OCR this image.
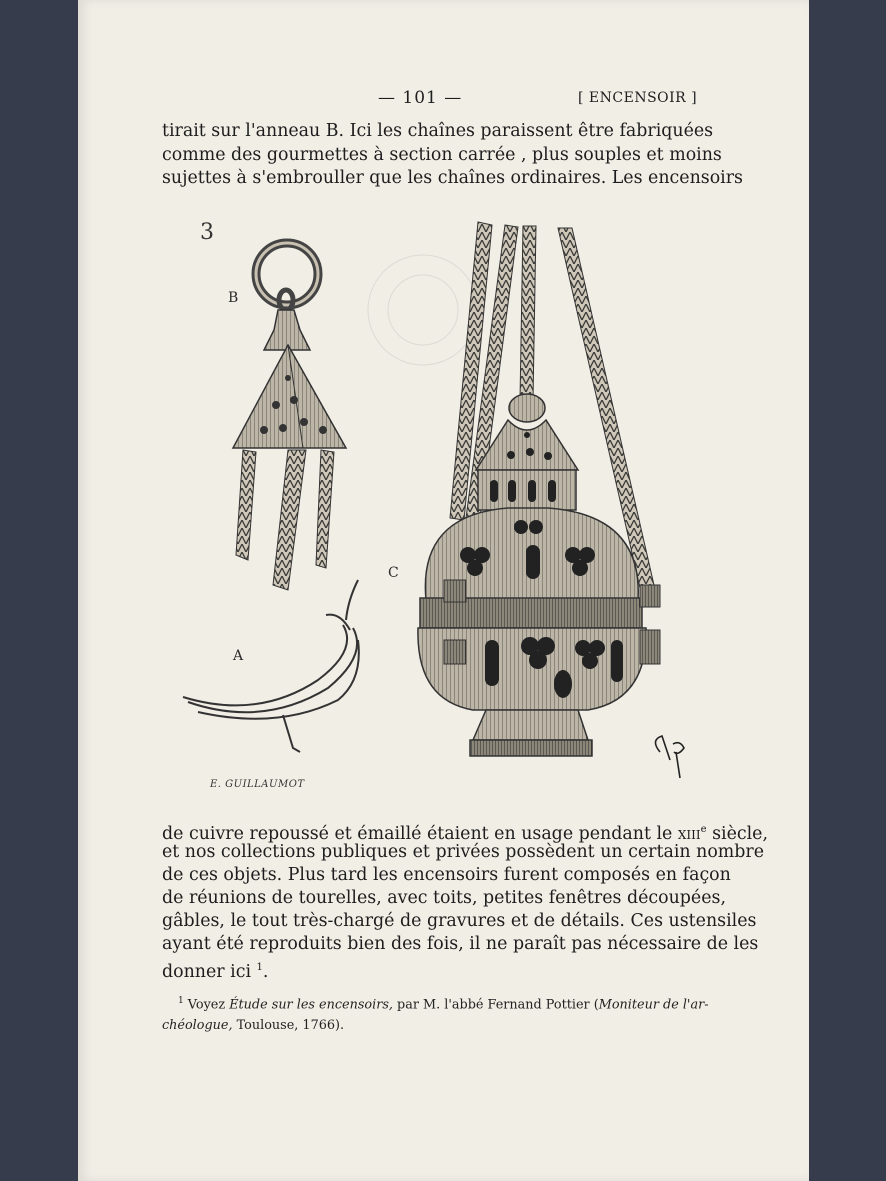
— 101 —	[ ENCENSOIR ]
tirait sur l'anneau B. Ici les chaînes paraissent être fabriquées
comme des gourmettes à section carrée , plus souples et moins
sujettes à s'embrouller que les chaînes ordinaires. Les encensoirs
3
B
A
C
E. GUILLAUMOT
de cuivre repoussé et émaillé étaient en usage pendant le XIIIe siècle,
et nos collections publiques et privées possèdent un certain nombre
de ces objets. Plus tard les encensoirs furent composés en façon
de réunions de tourelles, avec toits, petites fenêtres découpées,
gâbles, le tout très-chargé de gravures et de détails. Ces ustensiles
ayant été reproduits bien des fois, il ne paraît pas nécessaire de les
donner ici $^1$.
$^1$ Voyez Étude sur les encensoirs, par M. l'abbé Fernand Pottier (Moniteur de l'ar-
chéologue, Toulouse, 1766).
